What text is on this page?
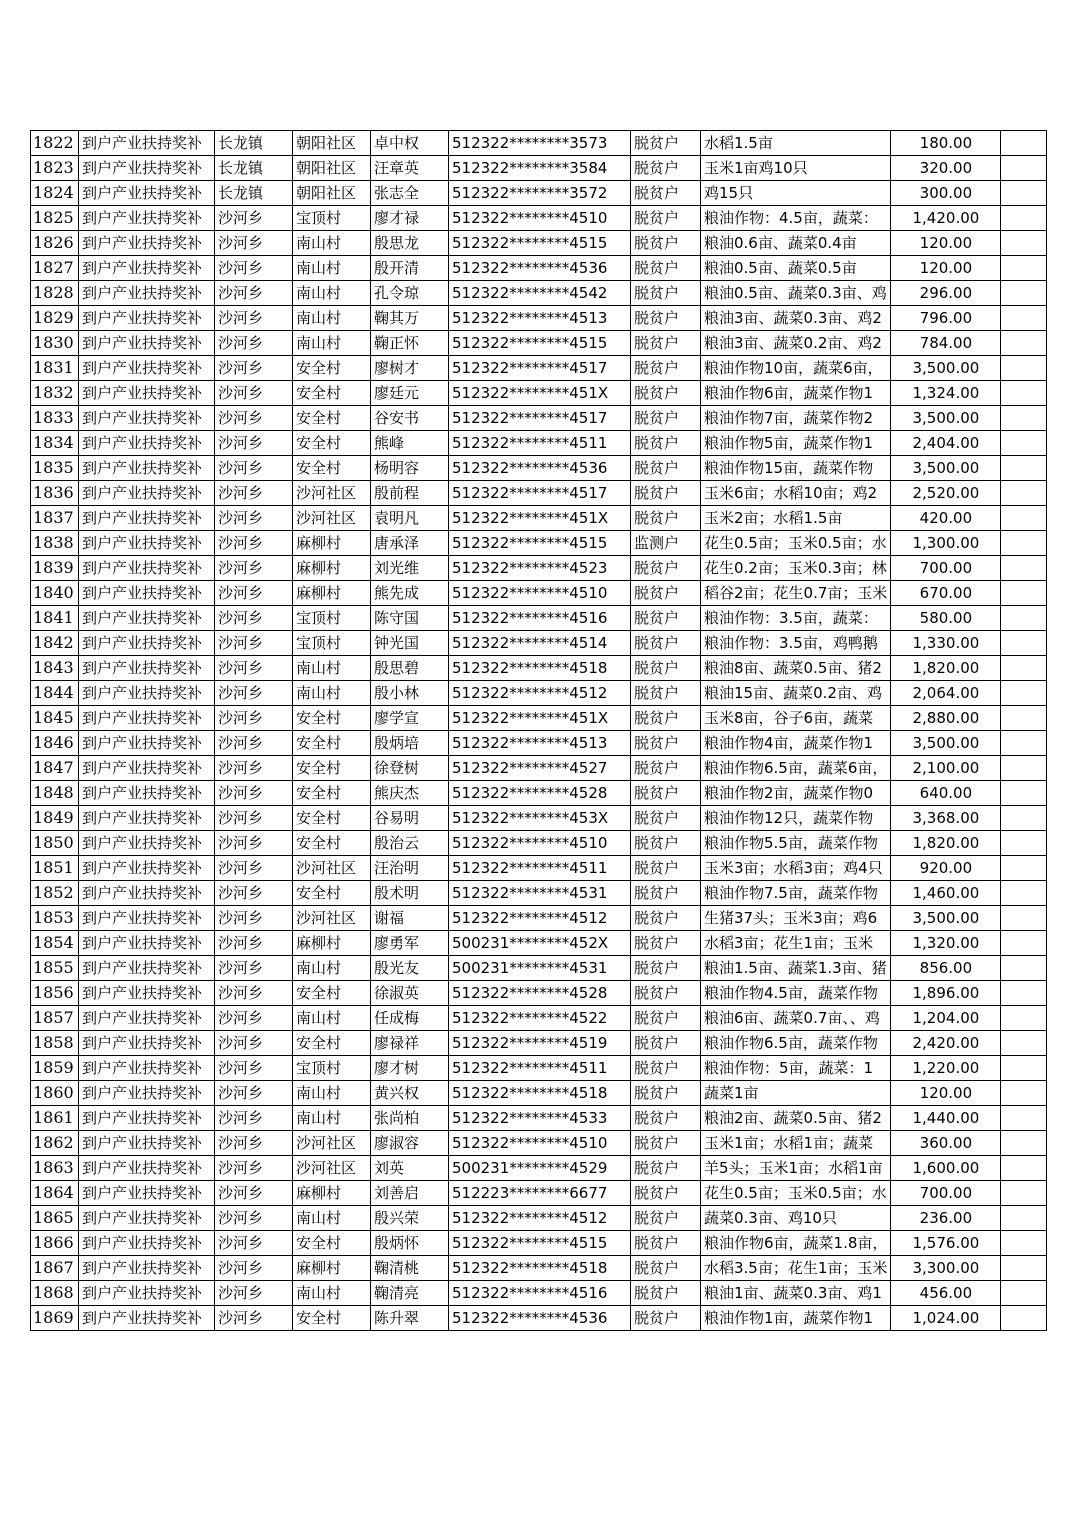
1822	到户产业扶持奖补	长龙镇	朝阳社区	卓中权	512322********3573	脱贫户	水稻1.5亩	180.00	
1823	到户产业扶持奖补	长龙镇	朝阳社区	汪章英	512322********3584	脱贫户	玉米1亩鸡10只	320.00	
1824	到户产业扶持奖补	长龙镇	朝阳社区	张志全	512322********3572	脱贫户	鸡15只	300.00	
1825	到户产业扶持奖补	沙河乡	宝顶村	廖才禄	512322********4510	脱贫户	粮油作物：4.5亩，蔬菜：	1,420.00	
1826	到户产业扶持奖补	沙河乡	南山村	殷思龙	512322********4515	脱贫户	粮油0.6亩、蔬菜0.4亩	120.00	
1827	到户产业扶持奖补	沙河乡	南山村	殷开清	512322********4536	脱贫户	粮油0.5亩、蔬菜0.5亩	120.00	
1828	到户产业扶持奖补	沙河乡	南山村	孔令琼	512322********4542	脱贫户	粮油0.5亩、蔬菜0.3亩、鸡	296.00	
1829	到户产业扶持奖补	沙河乡	南山村	鞠其万	512322********4513	脱贫户	粮油3亩、蔬菜0.3亩、鸡2	796.00	
1830	到户产业扶持奖补	沙河乡	南山村	鞠正怀	512322********4515	脱贫户	粮油3亩、蔬菜0.2亩、鸡2	784.00	
1831	到户产业扶持奖补	沙河乡	安全村	廖树才	512322********4517	脱贫户	粮油作物10亩，蔬菜6亩，	3,500.00	
1832	到户产业扶持奖补	沙河乡	安全村	廖廷元	512322********451X	脱贫户	粮油作物6亩，蔬菜作物1	1,324.00	
1833	到户产业扶持奖补	沙河乡	安全村	谷安书	512322********4517	脱贫户	粮油作物7亩，蔬菜作物2	3,500.00	
1834	到户产业扶持奖补	沙河乡	安全村	熊峰	512322********4511	脱贫户	粮油作物5亩，蔬菜作物1	2,404.00	
1835	到户产业扶持奖补	沙河乡	安全村	杨明容	512322********4536	脱贫户	粮油作物15亩，蔬菜作物	3,500.00	
1836	到户产业扶持奖补	沙河乡	沙河社区	殷前程	512322********4517	脱贫户	玉米6亩；水稻10亩；鸡2	2,520.00	
1837	到户产业扶持奖补	沙河乡	沙河社区	袁明凡	512322********451X	脱贫户	玉米2亩；水稻1.5亩	420.00	
1838	到户产业扶持奖补	沙河乡	麻柳村	唐承泽	512322********4515	监测户	花生0.5亩；玉米0.5亩；水	1,300.00	
1839	到户产业扶持奖补	沙河乡	麻柳村	刘光维	512322********4523	脱贫户	花生0.2亩；玉米0.3亩；林	700.00	
1840	到户产业扶持奖补	沙河乡	麻柳村	熊先成	512322********4510	脱贫户	稻谷2亩；花生0.7亩；玉米	670.00	
1841	到户产业扶持奖补	沙河乡	宝顶村	陈守国	512322********4516	脱贫户	粮油作物：3.5亩，蔬菜：	580.00	
1842	到户产业扶持奖补	沙河乡	宝顶村	钟光国	512322********4514	脱贫户	粮油作物：3.5亩，鸡鸭鹅	1,330.00	
1843	到户产业扶持奖补	沙河乡	南山村	殷思碧	512322********4518	脱贫户	粮油8亩、蔬菜0.5亩、猪2	1,820.00	
1844	到户产业扶持奖补	沙河乡	南山村	殷小林	512322********4512	脱贫户	粮油15亩、蔬菜0.2亩、鸡	2,064.00	
1845	到户产业扶持奖补	沙河乡	安全村	廖学宣	512322********451X	脱贫户	玉米8亩，谷子6亩，蔬菜	2,880.00	
1846	到户产业扶持奖补	沙河乡	安全村	殷炳培	512322********4513	脱贫户	粮油作物4亩，蔬菜作物1	3,500.00	
1847	到户产业扶持奖补	沙河乡	安全村	徐登树	512322********4527	脱贫户	粮油作物6.5亩，蔬菜6亩，	2,100.00	
1848	到户产业扶持奖补	沙河乡	安全村	熊庆杰	512322********4528	脱贫户	粮油作物2亩，蔬菜作物0	640.00	
1849	到户产业扶持奖补	沙河乡	安全村	谷易明	512322********453X	脱贫户	粮油作物12只，蔬菜作物	3,368.00	
1850	到户产业扶持奖补	沙河乡	安全村	殷治云	512322********4510	脱贫户	粮油作物5.5亩，蔬菜作物	1,820.00	
1851	到户产业扶持奖补	沙河乡	沙河社区	汪治明	512322********4511	脱贫户	玉米3亩；水稻3亩；鸡4只	920.00	
1852	到户产业扶持奖补	沙河乡	安全村	殷术明	512322********4531	脱贫户	粮油作物7.5亩，蔬菜作物	1,460.00	
1853	到户产业扶持奖补	沙河乡	沙河社区	谢福	512322********4512	脱贫户	生猪37头；玉米3亩；鸡6	3,500.00	
1854	到户产业扶持奖补	沙河乡	麻柳村	廖勇军	500231********452X	脱贫户	水稻3亩；花生1亩；玉米	1,320.00	
1855	到户产业扶持奖补	沙河乡	南山村	殷光友	500231********4531	脱贫户	粮油1.5亩、蔬菜1.3亩、猪	856.00	
1856	到户产业扶持奖补	沙河乡	安全村	徐淑英	512322********4528	脱贫户	粮油作物4.5亩，蔬菜作物	1,896.00	
1857	到户产业扶持奖补	沙河乡	南山村	任成梅	512322********4522	脱贫户	粮油6亩、蔬菜0.7亩、、鸡	1,204.00	
1858	到户产业扶持奖补	沙河乡	安全村	廖禄祥	512322********4519	脱贫户	粮油作物6.5亩，蔬菜作物	2,420.00	
1859	到户产业扶持奖补	沙河乡	宝顶村	廖才树	512322********4511	脱贫户	粮油作物：5亩，蔬菜：1	1,220.00	
1860	到户产业扶持奖补	沙河乡	南山村	黄兴权	512322********4518	脱贫户	蔬菜1亩	120.00	
1861	到户产业扶持奖补	沙河乡	南山村	张尚柏	512322********4533	脱贫户	粮油2亩、蔬菜0.5亩、猪2	1,440.00	
1862	到户产业扶持奖补	沙河乡	沙河社区	廖淑容	512322********4510	脱贫户	玉米1亩；水稻1亩；蔬菜	360.00	
1863	到户产业扶持奖补	沙河乡	沙河社区	刘英	500231********4529	脱贫户	羊5头；玉米1亩；水稻1亩	1,600.00	
1864	到户产业扶持奖补	沙河乡	麻柳村	刘善启	512223********6677	脱贫户	花生0.5亩；玉米0.5亩；水	700.00	
1865	到户产业扶持奖补	沙河乡	南山村	殷兴荣	512322********4512	脱贫户	蔬菜0.3亩、鸡10只	236.00	
1866	到户产业扶持奖补	沙河乡	安全村	殷炳怀	512322********4515	脱贫户	粮油作物6亩，蔬菜1.8亩，	1,576.00	
1867	到户产业扶持奖补	沙河乡	麻柳村	鞠清桃	512322********4518	脱贫户	水稻3.5亩；花生1亩；玉米	3,300.00	
1868	到户产业扶持奖补	沙河乡	南山村	鞠清亮	512322********4516	脱贫户	粮油1亩、蔬菜0.3亩、鸡1	456.00	
1869	到户产业扶持奖补	沙河乡	安全村	陈升翠	512322********4536	脱贫户	粮油作物1亩，蔬菜作物1	1,024.00	
